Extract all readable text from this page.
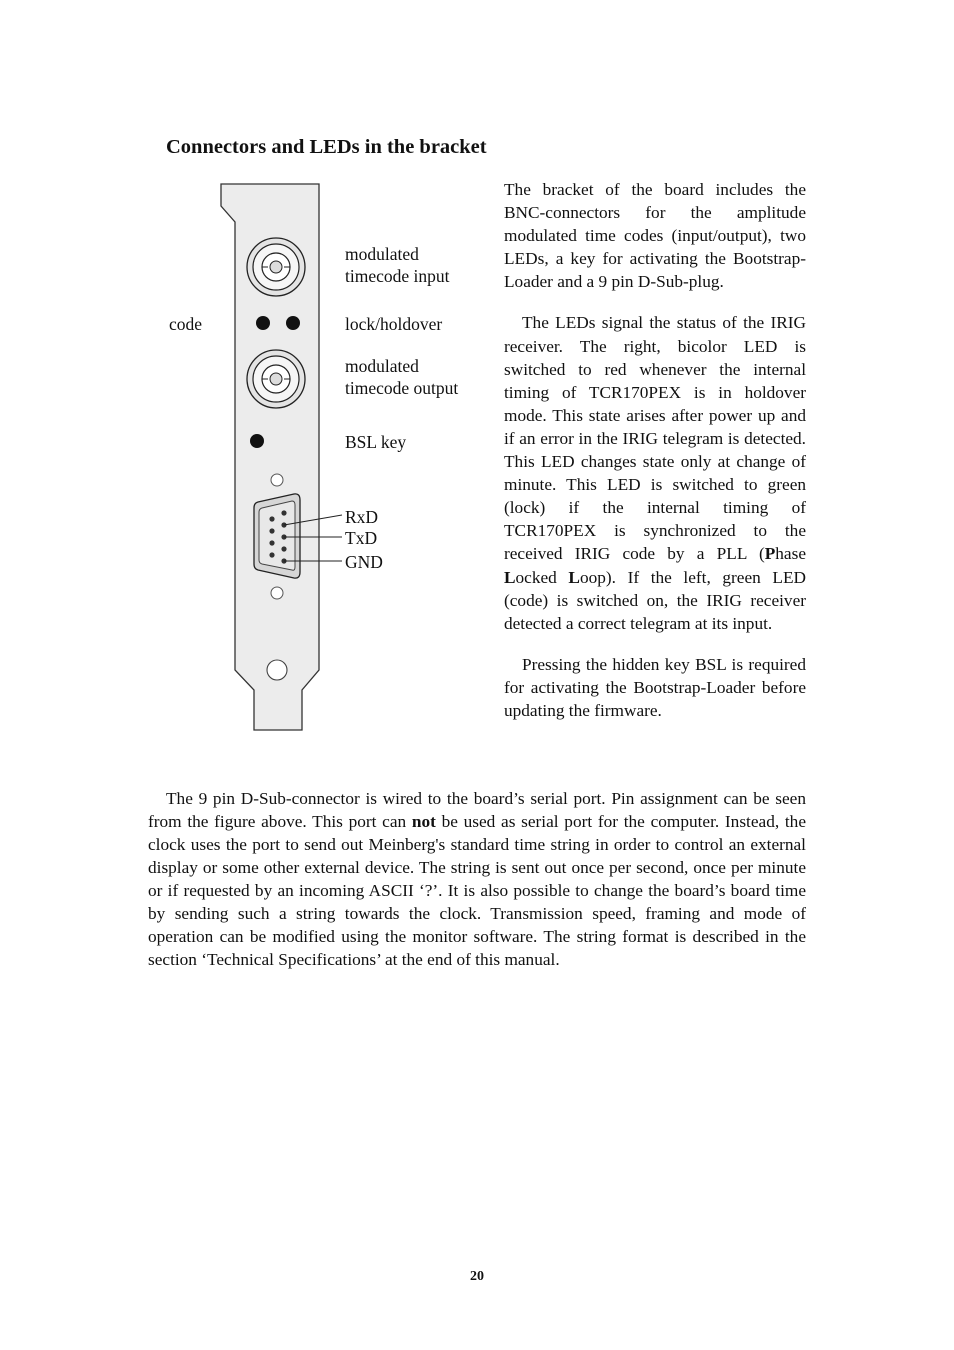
Connectors and LEDs in the bracket
modulated
timecode input
code	lock/holdover
modulated
timecode output
BSL key
RxD
TxD
GND

The bracket of the board includes the BNC-connectors for the amplitude modulated time codes (input/output), two LEDs, a key for activating the Bootstrap-Loader and a 9 pin D-Sub-plug.

The LEDs signal the status of the IRIG receiver. The right, bicolor LED is switched to red whenever the internal timing of TCR170PEX is in holdover mode. This state arises after power up and if an error in the IRIG telegram is detected. This LED changes state only at change of minute. This LED is switched to green (lock) if the internal timing of TCR170PEX is synchronized to the received IRIG code by a PLL (Phase Locked Loop). If the left, green LED (code) is switched on, the IRIG receiver detected a correct telegram at its input.

Pressing the hidden key BSL is required for activating the Bootstrap-Loader before updating the firmware.

The 9 pin D-Sub-connector is wired to the board’s serial port. Pin assignment can be seen from the figure above. This port can not be used as serial port for the computer. Instead, the clock uses the port to send out Meinberg's standard time string in order to control an external display or some other external device. The string is sent out once per second, once per minute or if requested by an incoming ASCII ‘?’. It is also possible to change the board’s board time by sending such a string towards the clock. Transmission speed, framing and mode of operation can be modified using the monitor software. The string format is described in the section ‘Technical Specifications’ at the end of this manual.

20
